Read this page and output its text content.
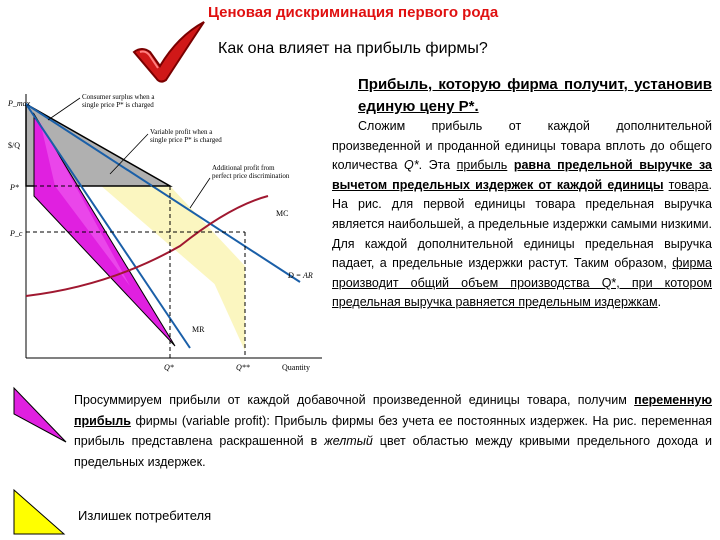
Ценовая дискриминация первого рода
Как она влияет на прибыль фирмы?
P_max
$/Q
P*
P_c
Q*	Q**	Quantity
MC
D = AR
MR
Consumer surplus when a single price P* is charged
Variable profit when a single price P* is charged
Additional profit from perfect price discrimination
Прибыль, которую фирма получит, установив единую цену Р*.
Сложим прибыль от каждой дополнительной произведенной и проданной единицы товара вплоть до общего количества Q*. Эта прибыль равна предельной выручке за вычетом предельных издержек от каждой единицы товара. На рис. для первой единицы товара предельная выручка является наибольшей, а предельные издержки самыми низкими. Для каждой дополнительной единицы предельная выручка падает, а предельные издержки растут. Таким образом, фирма производит общий объем производства Q*, при котором предельная выручка равняется предельным издержкам.
Просуммируем прибыли от каждой добавочной произведенной единицы товара, получим переменную прибыль фирмы (variable profit): Прибыль фирмы без учета ее постоянных издержек. На рис. переменная прибыль представлена раскрашенной в желтый цвет областью между кривыми предельного дохода и предельных издержек.
Излишек потребителя
